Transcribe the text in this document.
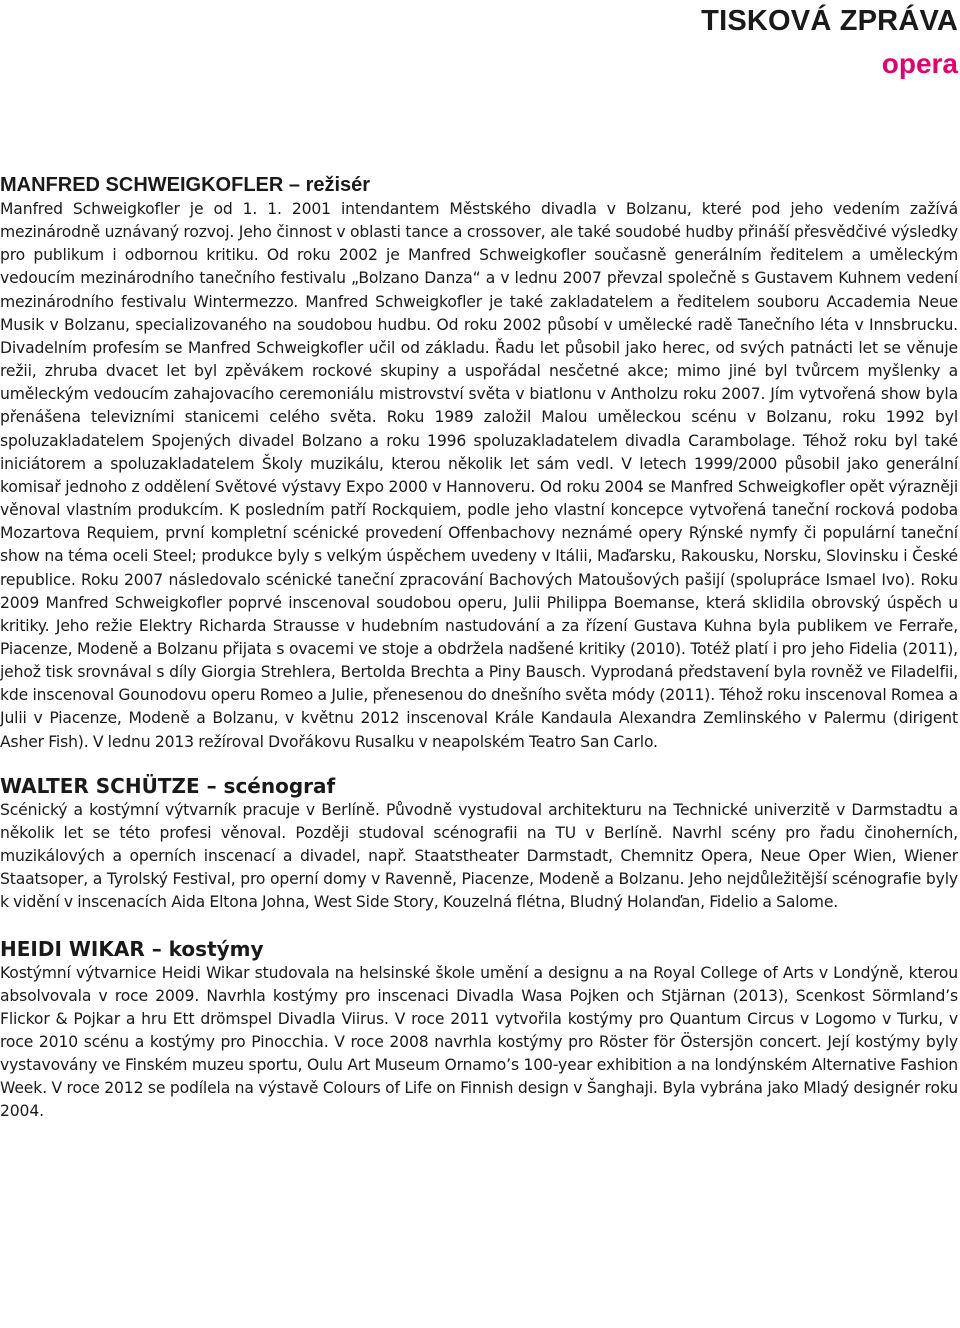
TISKOVÁ ZPRÁVA
opera
MANFRED SCHWEIGKOFLER – režisér

Manfred Schweigkofler je od 1. 1. 2001 intendantem Městského divadla v Bolzanu, které pod jeho vedením zažívá mezinárodně uznávaný rozvoj. Jeho činnost v oblasti tance a crossover, ale také soudobé hudby přináší přesvědčivé výsledky pro publikum i odbornou kritiku. Od roku 2002 je Manfred Schweigkofler současně generálním ředitelem a uměleckým vedoucím mezinárodního tanečního festivalu „Bolzano Danza“ a v lednu 2007 převzal společně s Gustavem Kuhnem vedení mezinárodního festivalu Wintermezzo. Manfred Schweigkofler je také zakladatelem a ředitelem souboru Accademia Neue Musik v Bolzanu, specializovaného na soudobou hudbu. Od roku 2002 působí v umělecké radě Tanečního léta v Innsbrucku. Divadelním profesím se Manfred Schweigkofler učil od základu. Řadu let působil jako herec, od svých patnácti let se věnuje režii, zhruba dvacet let byl zpěvákem rockové skupiny a uspořádal nesčetné akce; mimo jiné byl tvůrcem myšlenky a uměleckým vedoucím zahajovacího ceremoniálu mistrovství světa v biatlonu v Antholzu roku 2007. Jím vytvořená show byla přenášena televizními stanicemi celého světa. Roku 1989 založil Malou uměleckou scénu v Bolzanu, roku 1992 byl spoluzakladatelem Spojených divadel Bolzano a roku 1996 spoluzakladatelem divadla Carambolage. Téhož roku byl také iniciátorem a spoluzakladatelem Školy muzikálu, kterou několik let sám vedl. V letech 1999/2000 působil jako generální komisař jednoho z oddělení Světové výstavy Expo 2000 v Hannoveru. Od roku 2004 se Manfred Schweigkofler opět výrazněji věnoval vlastním produkcím. K posledním patří Rockquiem, podle jeho vlastní koncepce vytvořená taneční rocková podoba Mozartova Requiem, první kompletní scénické provedení Offenbachovy neznámé opery Rýnské nymfy či populární taneční show na téma oceli Steel; produkce byly s velkým úspěchem uvedeny v Itálii, Maďarsku, Rakousku, Norsku, Slovinsku i České republice. Roku 2007 následovalo scénické taneční zpracování Bachových Matoušových pašijí (spolupráce Ismael Ivo). Roku 2009 Manfred Schweigkofler poprvé inscenoval soudobou operu, Julii Philippa Boemanse, která sklidila obrovský úspěch u kritiky. Jeho režie Elektry Richarda Strausse v hudebním nastudování a za řízení Gustava Kuhna byla publikem ve Ferraře, Piacenze, Modeně a Bolzanu přijata s ovacemi ve stoje a obdržela nadšené kritiky (2010). Totéž platí i pro jeho Fidelia (2011), jehož tisk srovnával s díly Giorgia Strehlera, Bertolda Brechta a Piny Bausch. Vyprodaná představení byla rovněž ve Filadelfii, kde inscenoval Gounodovu operu Romeo a Julie, přenesenou do dnešního světa módy (2011). Téhož roku inscenoval Romea a Julii v Piacenze, Modeně a Bolzanu, v květnu 2012 inscenoval Krále Kandaula Alexandra Zemlinského v Palermu (dirigent Asher Fish). V lednu 2013 režíroval Dvořákovu Rusalku v neapolském Teatro San Carlo.

WALTER SCHÜTZE – scénograf

Scénický a kostýmní výtvarník pracuje v Berlíně. Původně vystudoval architekturu na Technické univerzitě v Darmstadtu a několik let se této profesi věnoval. Později studoval scénografii na TU v Berlíně. Navrhl scény pro řadu činoherních, muzikálových a operních inscenací a divadel, např. Staatstheater Darmstadt, Chemnitz Opera, Neue Oper Wien, Wiener Staatsoper, a Tyrolský Festival, pro operní domy v Ravenně, Piacenze, Modeně a Bolzanu. Jeho nejdůležitější scénografie byly k vidění v inscenacích Aida Eltona Johna, West Side Story, Kouzelná flétna, Bludný Holanďan, Fidelio a Salome.

HEIDI WIKAR – kostýmy

Kostýmní výtvarnice Heidi Wikar studovala na helsinské škole umění a designu a na Royal College of Arts v Londýně, kterou absolvovala v roce 2009. Navrhla kostýmy pro inscenaci Divadla Wasa Pojken och Stjärnan (2013), Scenkost Sörmland’s Flickor & Pojkar a hru Ett drömspel Divadla Viirus. V roce 2011 vytvořila kostýmy pro Quantum Circus v Logomo v Turku, v roce 2010 scénu a kostýmy pro Pinocchia. V roce 2008 navrhla kostýmy pro Röster för Östersjön concert. Její kostýmy byly vystavovány ve Finském muzeu sportu, Oulu Art Museum Ornamo’s 100-year exhibition a na londýnském Alternative Fashion Week. V roce 2012 se podílela na výstavě Colours of Life on Finnish design v Šanghaji. Byla vybrána jako Mladý designér roku 2004.
